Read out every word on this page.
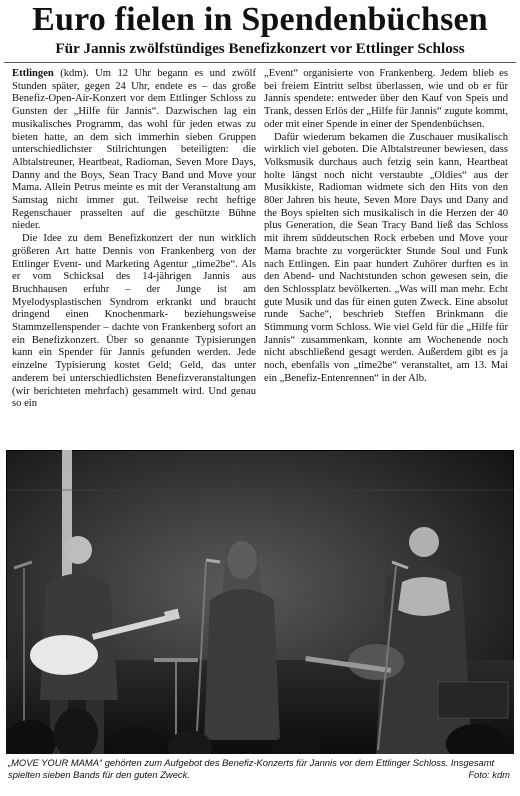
Euro fielen in Spendenbüchsen
Für Jannis zwölfstündiges Benefizkonzert vor Ettlinger Schloss

Ettlingen (kdm). Um 12 Uhr begann es und zwölf Stunden später, gegen 24 Uhr, endete es – das große Benefiz-Open-Air-Konzert vor dem Ettlinger Schloss zu Gunsten der „Hilfe für Jannis“. Dazwischen lag ein musikalisches Programm, das wohl für jeden etwas zu bieten hatte, an dem sich immerhin sieben Gruppen unterschiedlichster Stilrichtungen beteiligten: die Albtalstreuner, Heartbeat, Radioman, Seven More Days, Danny and the Boys, Sean Tracy Band und Move your Mama. Allein Petrus meinte es mit der Veranstaltung am Samstag nicht immer gut. Teilweise recht heftige Regenschauer prasselten auf die geschützte Bühne nieder.

Die Idee zu dem Benefizkonzert der nun wirklich größeren Art hatte Dennis von Frankenberg von der Ettlinger Event- und Marketing Agentur „time2be“. Als er vom Schicksal des 14-jährigen Jannis aus Bruchhausen erfuhr – der Junge ist am Myelodysplastischen Syndrom erkrankt und braucht dringend einen Knochenmark- beziehungsweise Stammzellenspender – dachte von Frankenberg sofort an ein Benefizkonzert. Über so genannte Typisierungen kann ein Spender für Jannis gefunden werden. Jede einzelne Typisierung kostet Geld; Geld, das unter anderem bei unterschiedlichsten Benefizveranstaltungen (wir berichteten mehrfach) gesammelt wird. Und genau so ein

„Event“ organisierte von Frankenberg. Jedem blieb es bei freiem Eintritt selbst überlassen, wie und ob er für Jannis spendete: entweder über den Kauf von Speis und Trank, dessen Erlös der „Hilfe für Jannis“ zugute kommt, oder mit einer Spende in einer der Spendenbüchsen.

Dafür wiederum bekamen die Zuschauer musikalisch wirklich viel geboten. Die Albtalstreuner bewiesen, dass Volksmusik durchaus auch fetzig sein kann, Heartbeat holte längst noch nicht verstaubte „Oldies“ aus der Musikkiste, Radioman widmete sich den Hits von den 80er Jahren bis heute, Seven More Days und Dany and the Boys spielten sich musikalisch in die Herzen der 40 plus Generation, die Sean Tracy Band ließ das Schloss mit ihrem süddeutschen Rock erbeben und Move your Mama brachte zu vorgerückter Stunde Soul und Funk nach Ettlingen. Ein paar hundert Zuhörer durften es in den Abend- und Nachtstunden schon gewesen sein, die den Schlossplatz bevölkerten. „Was will man mehr. Echt gute Musik und das für einen guten Zweck. Eine absolut runde Sache“, beschrieb Steffen Brinkmann die Stimmung vorm Schloss. Wie viel Geld für die „Hilfe für Jannis“ zusammenkam, konnte am Wochenende noch nicht abschließend gesagt werden. Außerdem gibt es ja noch, ebenfalls von „time2be“ veranstaltet, am 13. Mai ein „Benefiz-Entenrennen“ in der Alb.

„MOVE YOUR MAMA“ gehörten zum Aufgebot des Benefiz-Konzerts für Jannis vor dem Ettlinger Schloss. Insgesamt spielten sieben Bands für den guten Zweck.	Foto: kdm
